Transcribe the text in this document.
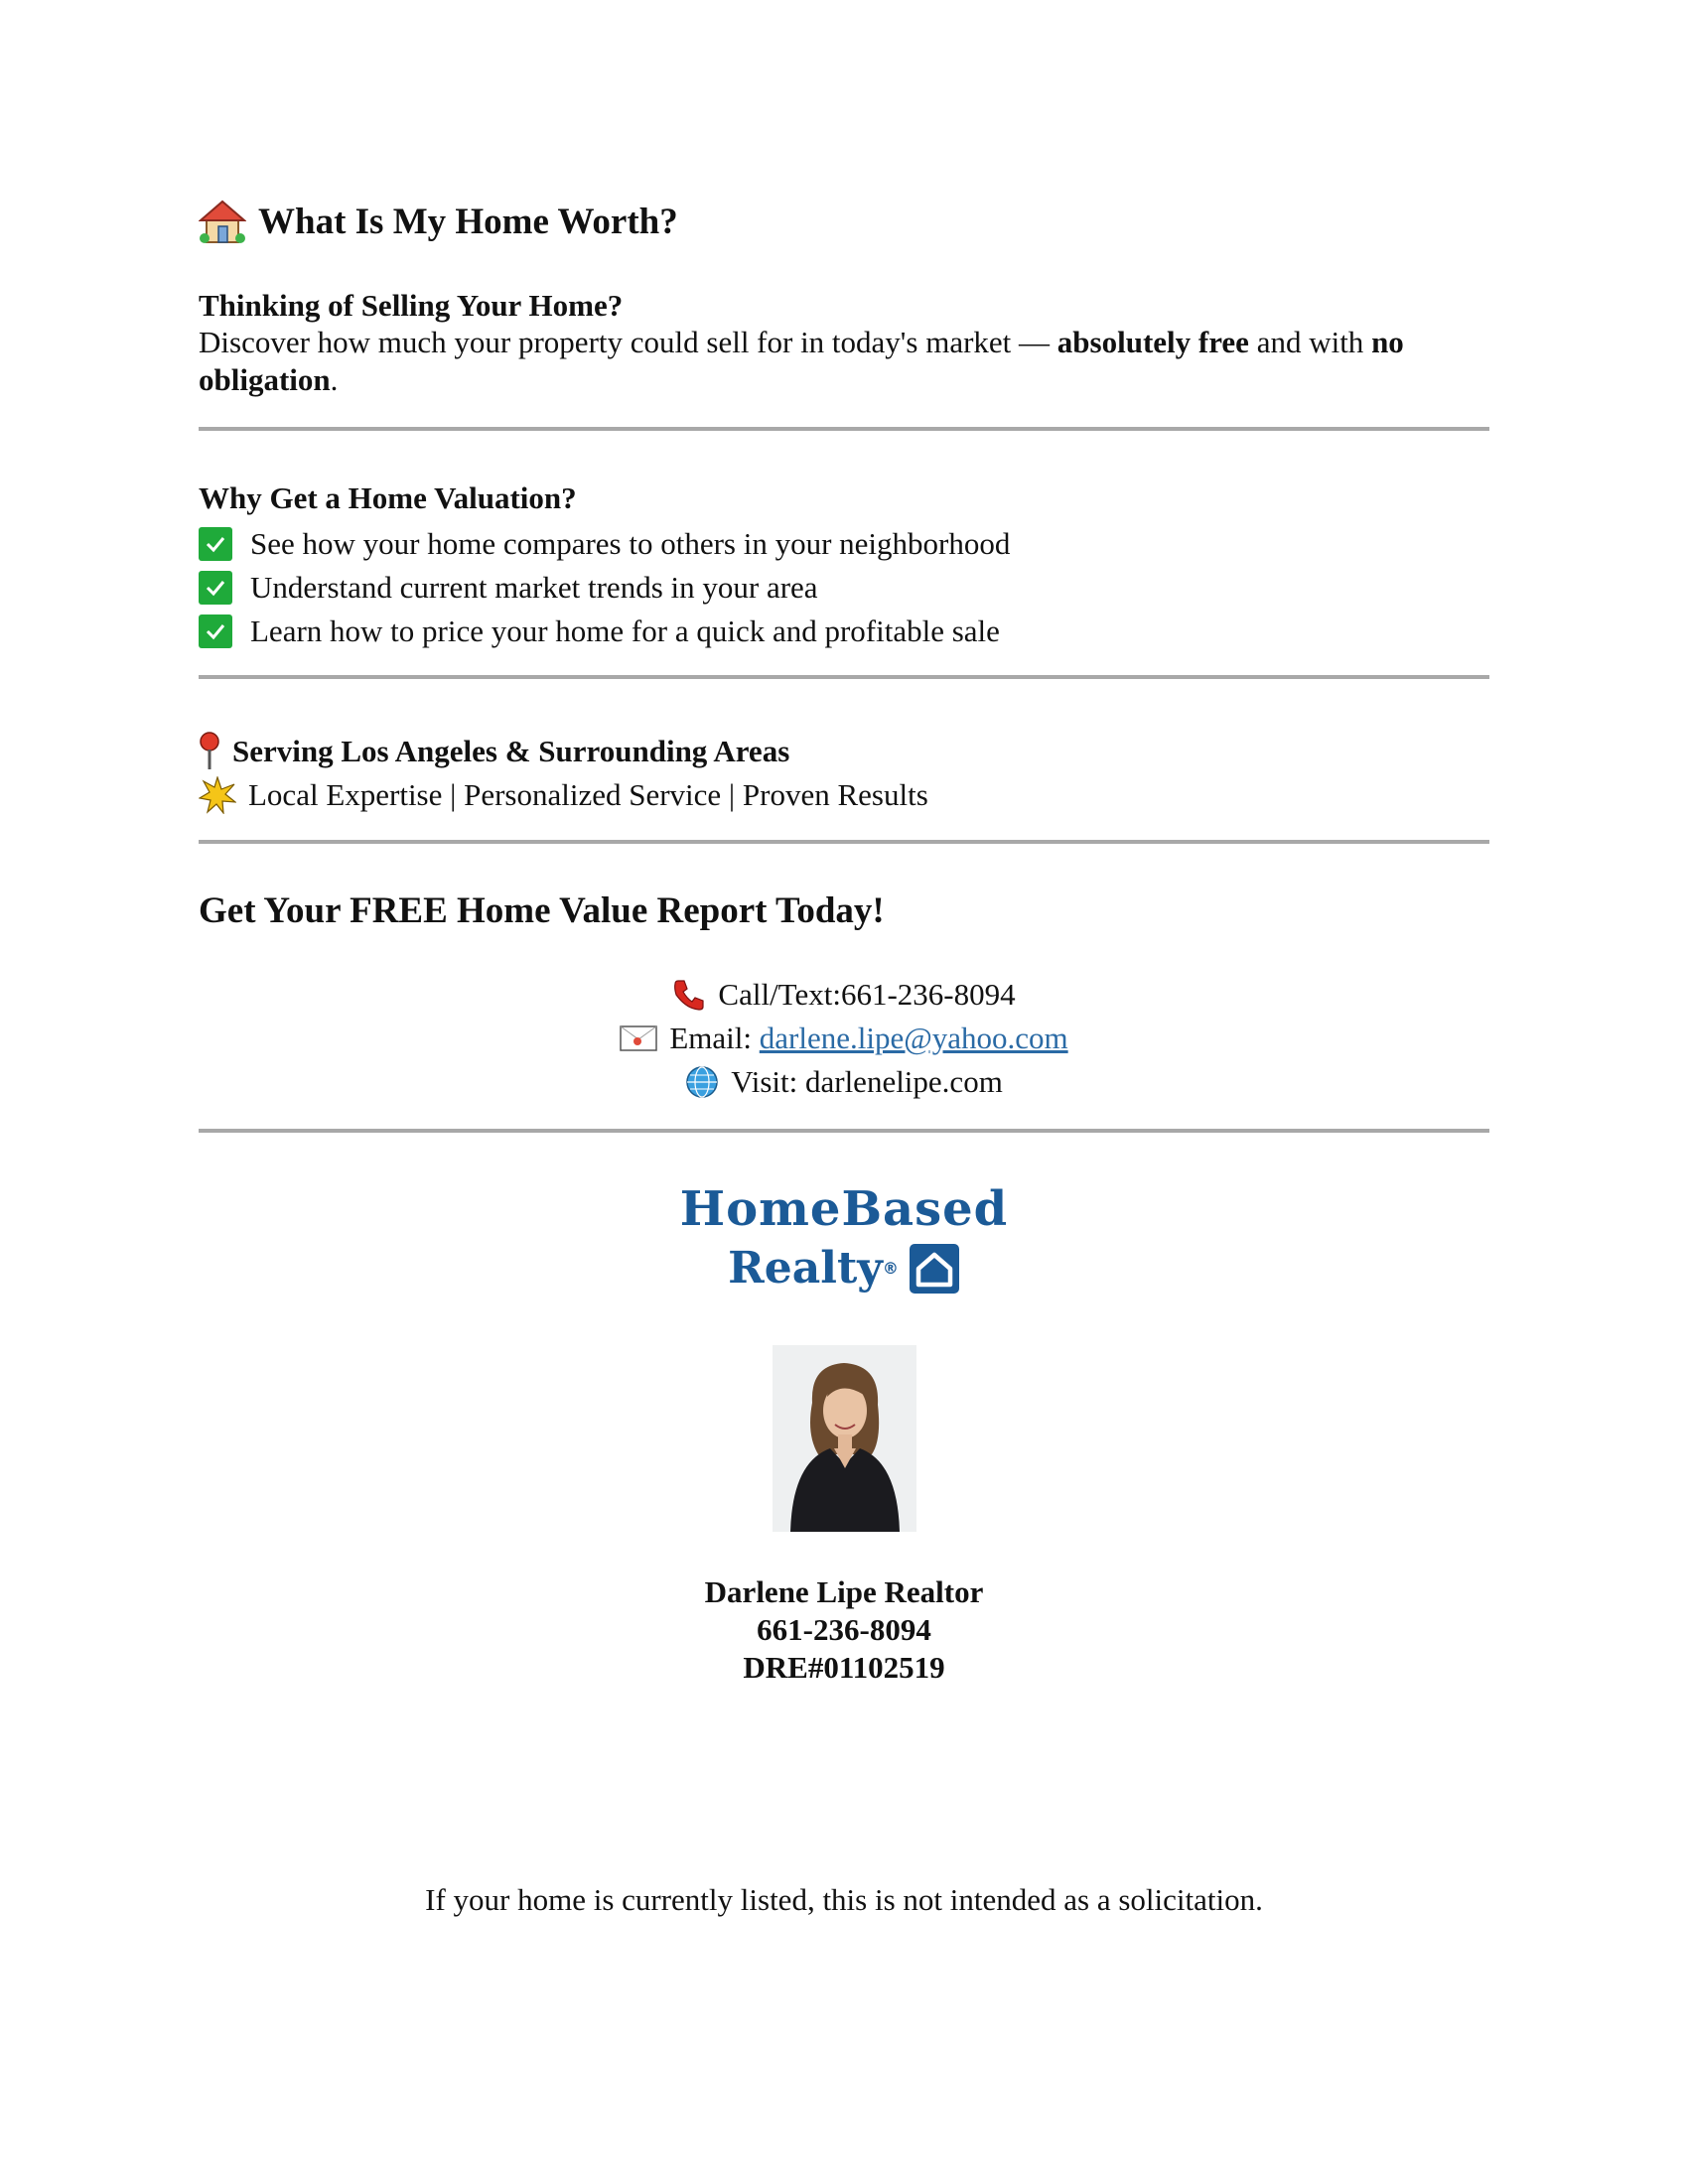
What Is My Home Worth?
Thinking of Selling Your Home?
Discover how much your property could sell for in today's market — absolutely free and with no obligation.
Why Get a Home Valuation?
See how your home compares to others in your neighborhood
Understand current market trends in your area
Learn how to price your home for a quick and profitable sale
Serving Los Angeles & Surrounding Areas
Local Expertise | Personalized Service | Proven Results
Get Your FREE Home Value Report Today!
Call/Text: 661-236-8094
Email:
darlene.lipe@yahoo.com
Visit:
darlenelipe.com
HomeBased
Realty ®
Darlene Lipe Realtor
661-236-8094
DRE#01102519
If your home is currently listed, this is not intended as a solicitation.
